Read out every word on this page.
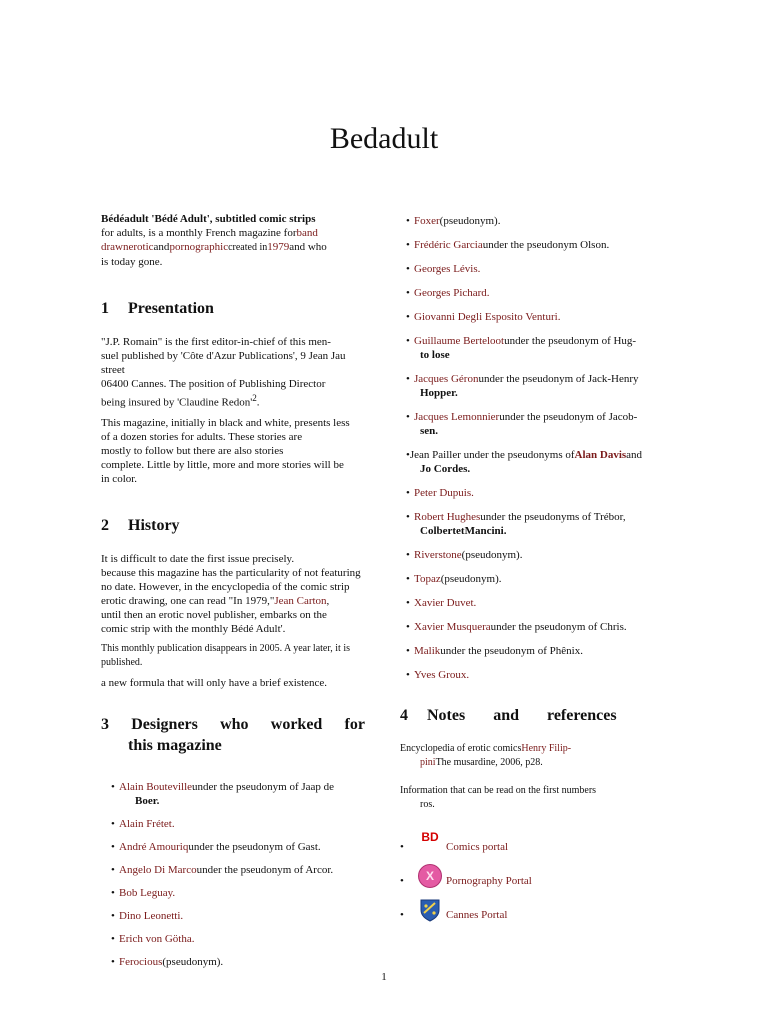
Bedadult
Bédéadult 'Bédé Adult', subtitled comic strips
for adults, is a monthly French magazine forband
drawneroticandpornographiccreated in1979and who
is today gone.
1 Presentation

"J.P. Romain" is the first editor-in-chief of this men-
suel published by 'Côte d'Azur Publications', 9 Jean Jau street
06400 Cannes. The position of Publishing Director
being insured by 'Claudine $Redon'^2$.

This magazine, initially in black and white, presents less
of a dozen stories for adults. These stories are
mostly to follow but there are also stories
complete. Little by little, more and more stories will be
in color.

2 History

It is difficult to date the first issue precisely.
because this magazine has the particularity of not featuring
no date. However, in the encyclopedia of the comic strip
erotic drawing, one can read "In 1979,"Jean Carton,
until then an erotic novel publisher, embarks on the
comic strip with the monthly Bédé Adult'.

This monthly publication disappears in 2005. A year later, it is published.

a new formula that will only have a brief existence.

3 Designers who worked for
this magazine
• Alain Boutevilleunder the pseudonym of Jaap de
Boer.
• Alain Frétet.
• André Amouriqunder the pseudonym of Gast.
• Angelo Di Marcounder the pseudonym of Arcor.
• Bob Leguay.
• Dino Leonetti.
• Erich von Götha.
• Ferocious(pseudonym).
• Foxer(pseudonym).
• Frédéric Garciaunder the pseudonym Olson.
• Georges Lévis.
• Georges Pichard.
• Giovanni Degli Esposito Venturi.
• Guillaume Bertelootunder the pseudonym of Hug-
to lose
• Jacques Géronunder the pseudonym of Jack-Henry
Hopper.
• Jacques Lemonnierunder the pseudonym of Jacob-
sen.
•Jean Pailler under the pseudonyms ofAlan Davisand
Jo Cordes.
• Peter Dupuis.
• Robert Hughesunder the pseudonyms of Trébor,
ColbertetMancini.
• Riverstone(pseudonym).
• Topaz(pseudonym).
• Xavier Duvet.
• Xavier Musqueraunder the pseudonym of Chris.
• Malikunder the pseudonym of Phênix.
• Yves Groux.
4	Notes and references
Encyclopedia of erotic comicsHenry Filip-
piniThe musardine, 2006, p28.
Information that can be read on the first numbers
ros.
•
BD
Comics portal
•	X	Pornography Portal
•	Cannes Portal
1
